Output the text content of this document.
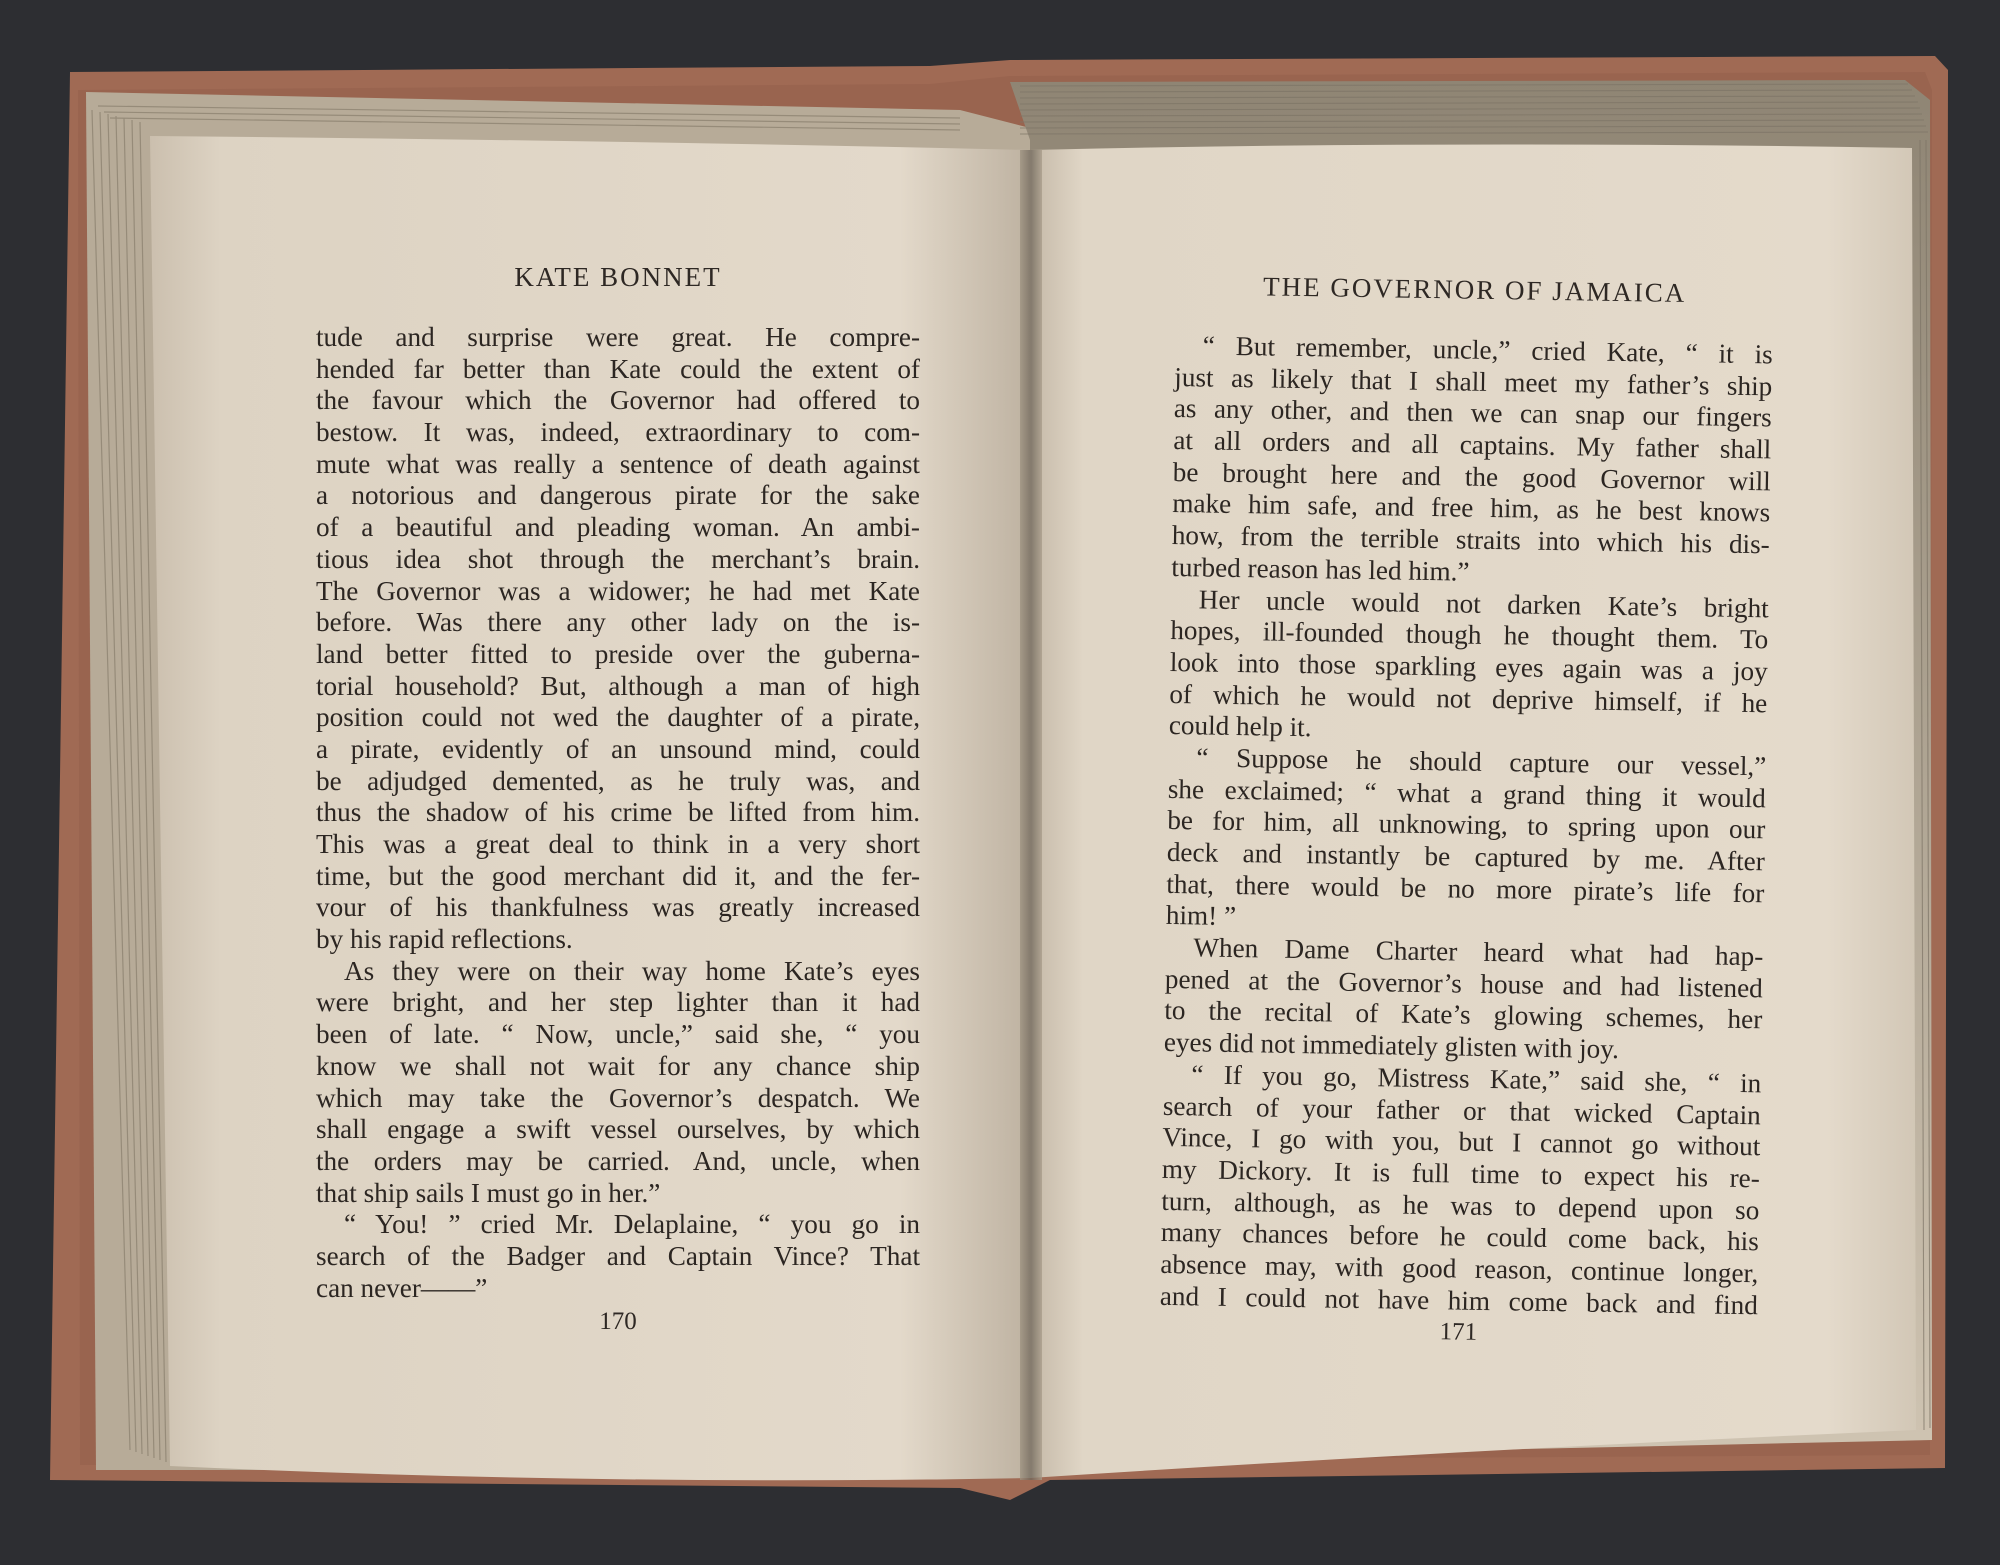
KATE BONNET
tude and surprise were great. He compre-
hended far better than Kate could the extent of
the favour which the Governor had offered to
bestow. It was, indeed, extraordinary to com-
mute what was really a sentence of death against
a notorious and dangerous pirate for the sake
of a beautiful and pleading woman. An ambi-
tious idea shot through the merchant’s brain.
The Governor was a widower; he had met Kate
before. Was there any other lady on the is-
land better fitted to preside over the guberna-
torial household? But, although a man of high
position could not wed the daughter of a pirate,
a pirate, evidently of an unsound mind, could
be adjudged demented, as he truly was, and
thus the shadow of his crime be lifted from him.
This was a great deal to think in a very short
time, but the good merchant did it, and the fer-
vour of his thankfulness was greatly increased
by his rapid reflections.
As they were on their way home Kate’s eyes
were bright, and her step lighter than it had
been of late. “ Now, uncle,” said she, “ you
know we shall not wait for any chance ship
which may take the Governor’s despatch. We
shall engage a swift vessel ourselves, by which
the orders may be carried. And, uncle, when
that ship sails I must go in her.”
“ You! ” cried Mr. Delaplaine, “ you go in
search of the Badger and Captain Vince? That
can never——”
170
THE GOVERNOR OF JAMAICA
“ But remember, uncle,” cried Kate, “ it is
just as likely that I shall meet my father’s ship
as any other, and then we can snap our fingers
at all orders and all captains. My father shall
be brought here and the good Governor will
make him safe, and free him, as he best knows
how, from the terrible straits into which his dis-
turbed reason has led him.”
Her uncle would not darken Kate’s bright
hopes, ill-founded though he thought them. To
look into those sparkling eyes again was a joy
of which he would not deprive himself, if he
could help it.
“ Suppose he should capture our vessel,”
she exclaimed; “ what a grand thing it would
be for him, all unknowing, to spring upon our
deck and instantly be captured by me. After
that, there would be no more pirate’s life for
him! ”
When Dame Charter heard what had hap-
pened at the Governor’s house and had listened
to the recital of Kate’s glowing schemes, her
eyes did not immediately glisten with joy.
“ If you go, Mistress Kate,” said she, “ in
search of your father or that wicked Captain
Vince, I go with you, but I cannot go without
my Dickory. It is full time to expect his re-
turn, although, as he was to depend upon so
many chances before he could come back, his
absence may, with good reason, continue longer,
and I could not have him come back and find
171
